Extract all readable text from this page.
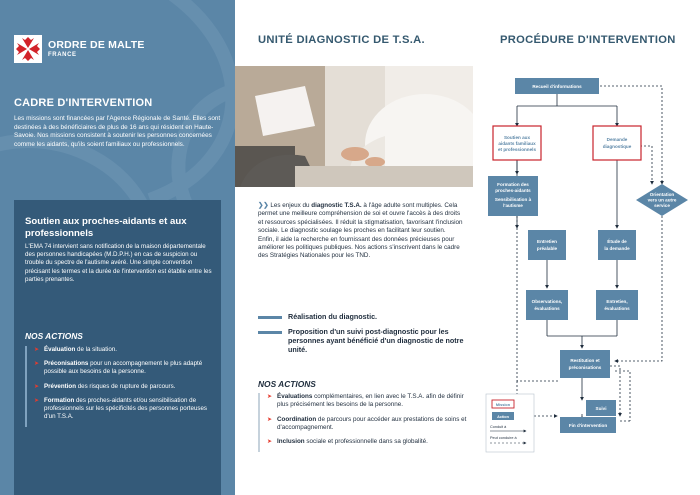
ORDRE DE MALTE
FRANCE
CADRE D'INTERVENTION
Les missions sont financées par l'Agence Régionale de Santé. Elles sont destinées à des bénéficiaires de plus de 16 ans qui résident en Haute-Savoie. Nos missions consistent à soutenir les personnes concernées comme les aidants, qu'ils soient familiaux ou professionnels.
Soutien aux proches-aidants et aux professionnels
L'EMA 74 intervient sans notification de la maison départementale des personnes handicapées (M.D.P.H.) en cas de suspicion ou trouble du spectre de l'autisme avéré. Une simple convention précisant les termes et la durée de l'intervention est établie entre les parties prenantes.
NOS ACTIONS
➤ Évaluation de la situation.
➤ Préconisations pour un accompagnement le plus adapté possible aux besoins de la personne.
➤ Prévention des risques de rupture de parcours.
➤ Formation des proches-aidants et/ou sensibilisation de professionnels sur les spécificités des personnes porteuses d'un T.S.A.
UNITÉ DIAGNOSTIC DE T.S.A.
❯❯ Les enjeux du diagnostic T.S.A. à l'âge adulte sont multiples. Cela permet une meilleure compréhension de soi et ouvre l'accès à des droits et ressources spécialisées. Il réduit la stigmatisation, favorisant l'inclusion sociale. Le diagnostic soulage les proches en facilitant leur soutien. Enfin, il aide la recherche en fournissant des données précieuses pour améliorer les politiques publiques. Nos actions s'inscrivent dans le cadre des Stratégies Nationales pour les TND.
Réalisation du diagnostic.
Proposition d'un suivi post-diagnostic pour les personnes ayant bénéficié d'un diagnostic de notre unité.
NOS ACTIONS
➤ Évaluations complémentaires, en lien avec le T.S.A. afin de définir plus précisément les besoins de la personne.
➤ Coordination de parcours pour accéder aux prestations de soins et d'accompagnement.
➤ Inclusion sociale et professionnelle dans sa globalité.
PROCÉDURE D'INTERVENTION
Recueil d'informations
Soutien aux
aidants familiaux
et professionnels
Demande
diagnostique
Formation des
proches-aidants
Sensibilisation à
l'autisme
Orientation
vers un autre
service
Entretien
préalable
Étude de
la demande
Observations,
évaluations
Entretien,
évaluations
Restitution et
préconisations
Suivi
Fin d'intervention
Mission
Action
Conduit à
Peut conduire à
